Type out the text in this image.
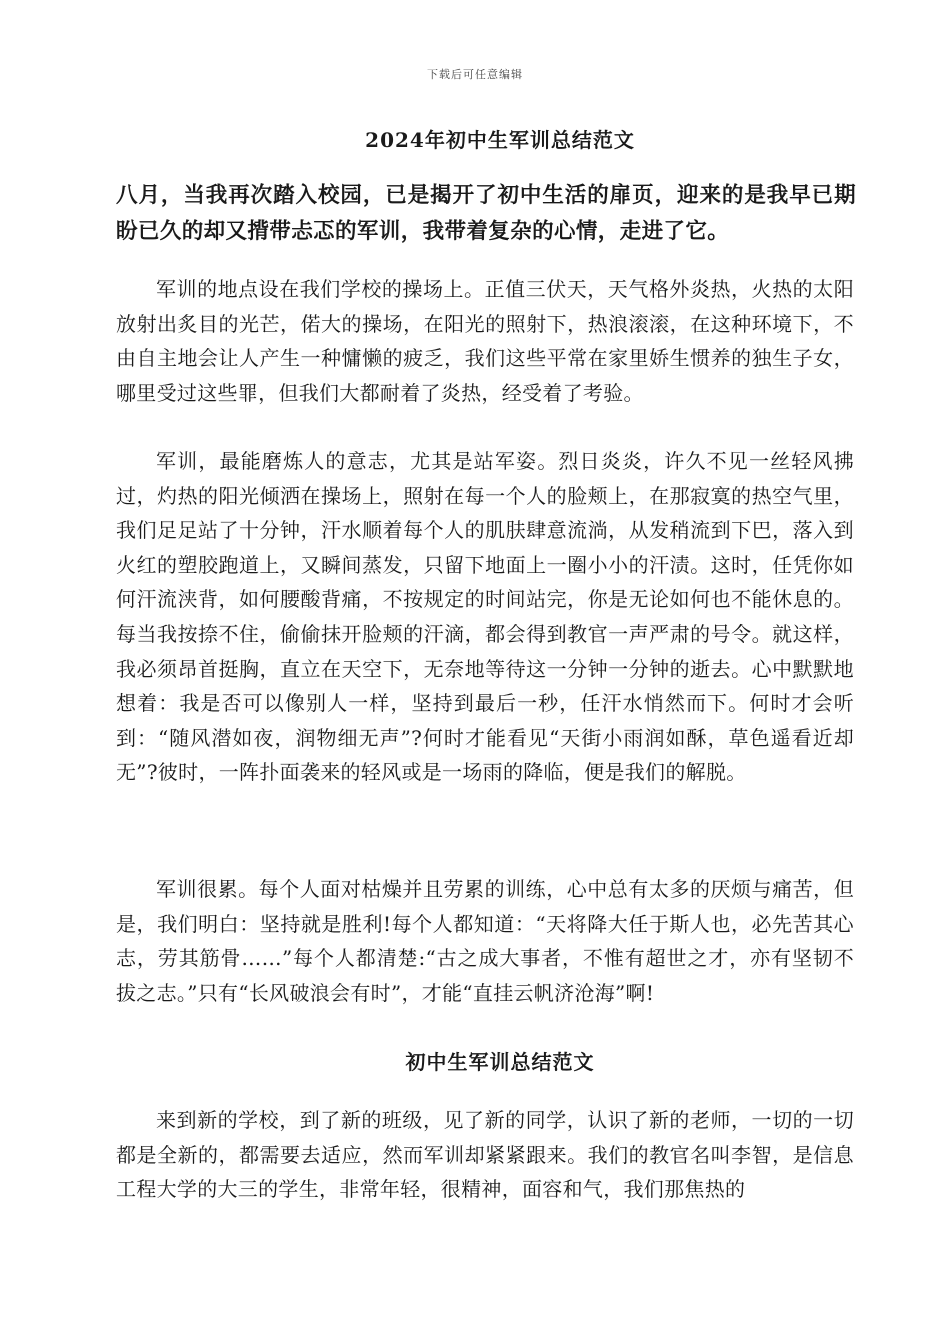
下载后可任意编辑
2024年初中生军训总结范文
八月，当我再次踏入校园，已是揭开了初中生活的扉页，迎来的是我早已期盼已久的却又揹带忐忑的军训，我带着复杂的心情，走进了它。

军训的地点设在我们学校的操场上。正值三伏天，天气格外炎热，火热的太阳放射出炙目的光芒，偌大的操场，在阳光的照射下，热浪滚滚，在这种环境下，不由自主地会让人产生一种慵懒的疲乏，我们这些平常在家里娇生惯养的独生子女，哪里受过这些罪，但我们大都耐着了炎热，经受着了考验。

军训，最能磨炼人的意志，尤其是站军姿。烈日炎炎，许久不见一丝轻风拂过，灼热的阳光倾洒在操场上，照射在每一个人的脸颊上，在那寂寞的热空气里，我们足足站了十分钟，汗水顺着每个人的肌肤肆意流淌，从发稍流到下巴，落入到火红的塑胶跑道上，又瞬间蒸发，只留下地面上一圈小小的汗渍。这时，任凭你如何汗流浃背，如何腰酸背痛，不按规定的时间站完，你是无论如何也不能休息的。每当我按捺不住，偷偷抹开脸颊的汗滴，都会得到教官一声严肃的号令。就这样，我必须昂首挺胸，直立在天空下，无奈地等待这一分钟一分钟的逝去。心中默默地想着：我是否可以像别人一样，坚持到最后一秒，任汗水悄然而下。何时才会听到：“随风潜如夜，润物细无声”?何时才能看见“天街小雨润如酥，草色遥看近却无”?彼时，一阵扑面袭来的轻风或是一场雨的降临，便是我们的解脱。

军训很累。每个人面对枯燥并且劳累的训练，心中总有太多的厌烦与痛苦，但是，我们明白：坚持就是胜利!每个人都知道：“天将降大任于斯人也，必先苦其心志，劳其筋骨……”每个人都清楚:“古之成大事者，不惟有超世之才，亦有坚韧不拔之志。”只有“长风破浪会有时”，才能“直挂云帆济沧海”啊!

初中生军训总结范文

来到新的学校，到了新的班级，见了新的同学，认识了新的老师，一切的一切都是全新的，都需要去适应，然而军训却紧紧跟来。我们的教官名叫李智，是信息工程大学的大三的学生，非常年轻，很精神，面容和气，我们那焦热的
